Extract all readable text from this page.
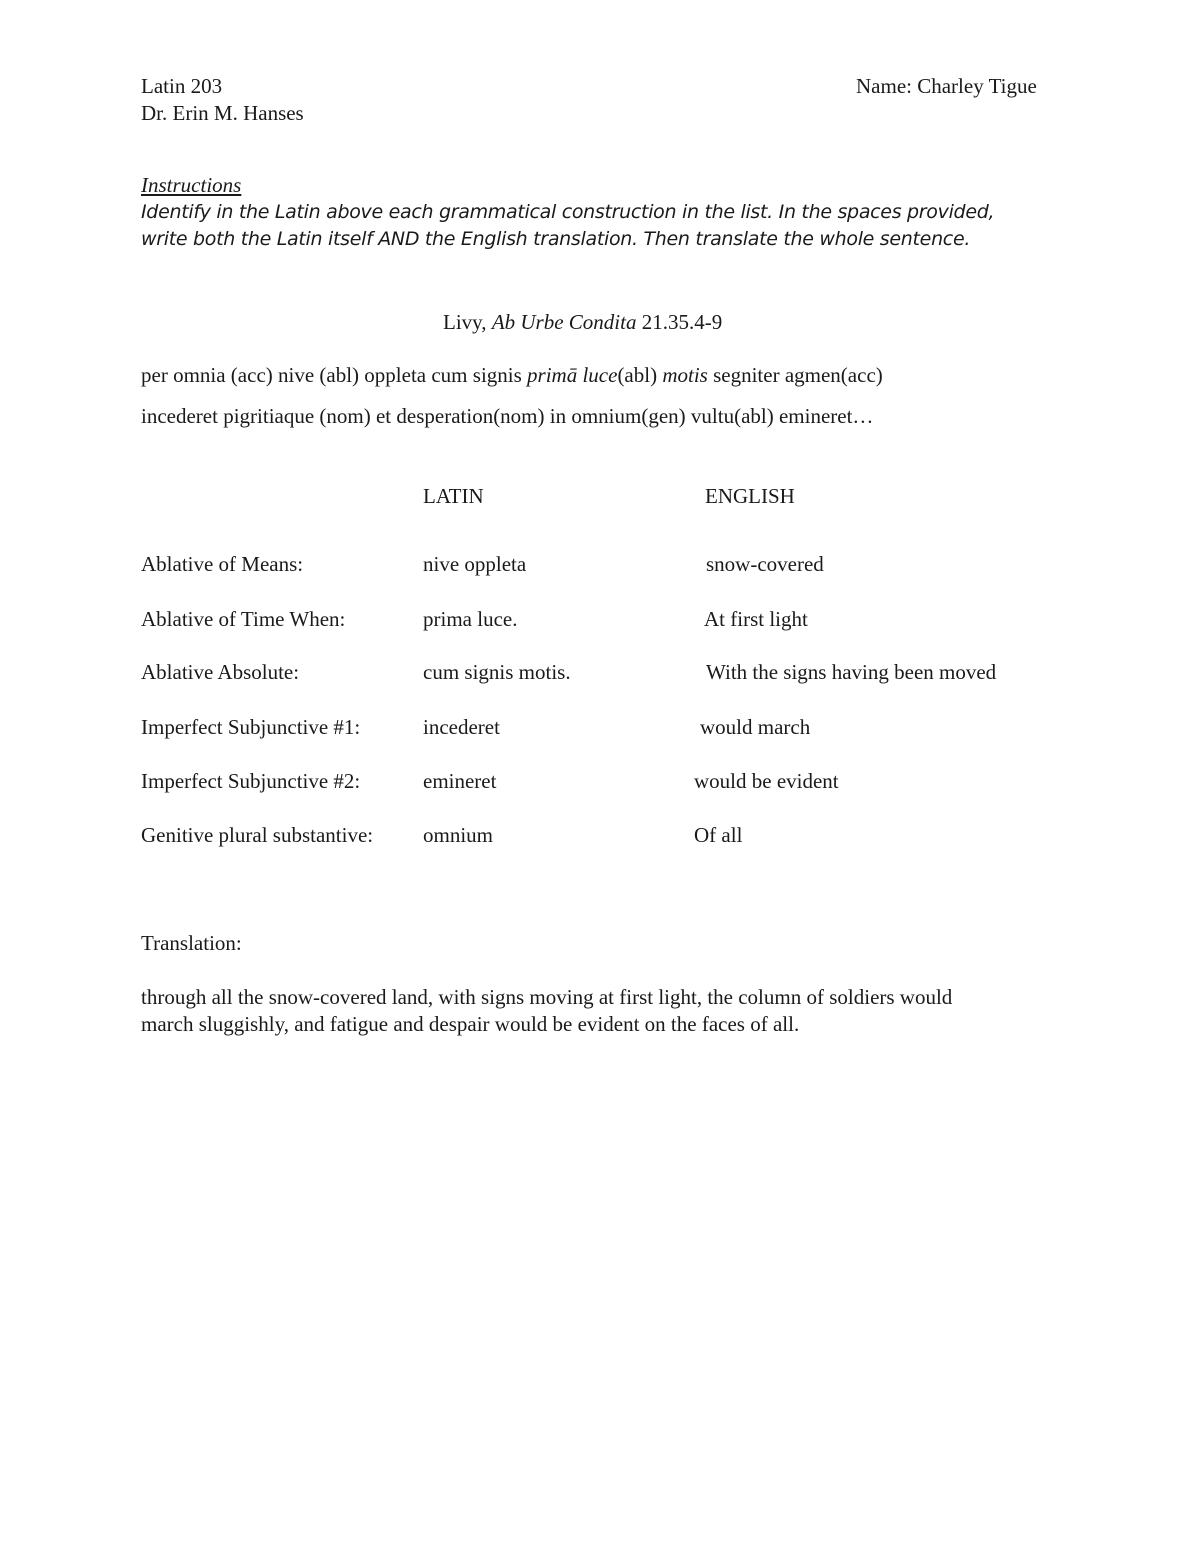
Latin 203
Dr. Erin M. Hanses
Name: Charley Tigue
Instructions
Identify in the Latin above each grammatical construction in the list. In the spaces provided,
write both the Latin itself AND the English translation. Then translate the whole sentence.
Livy, Ab Urbe Condita 21.35.4-9
per omnia (acc) nive (abl) oppleta cum signis primā luce(abl) motis segniter agmen(acc)
incederet pigritiaque (nom) et desperation(nom) in omnium(gen) vultu(abl) emineret…
LATIN	ENGLISH
Ablative of Means:	nive oppleta	snow-covered
Ablative of Time When:	prima luce.	At first light
Ablative Absolute:	cum signis motis.	With the signs having been moved
Imperfect Subjunctive #1:	incederet	would march
Imperfect Subjunctive #2:	emineret	would be evident
Genitive plural substantive: omnium	Of all
Translation:
through all the snow-covered land, with signs moving at first light, the column of soldiers would
march sluggishly, and fatigue and despair would be evident on the faces of all.
